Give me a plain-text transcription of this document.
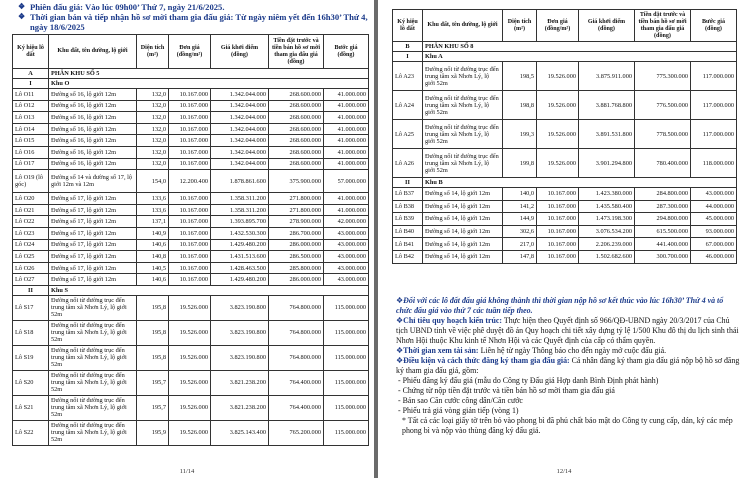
❖ Phiên đấu giá: Vào lúc 09h00’ Thứ 7, ngày 21/6/2025.
❖ Thời gian bán và tiếp nhận hồ sơ mời tham gia đấu giá: Từ ngày niêm yết đến 16h30’ Thứ 4, ngày 18/6/2025
Ký hiệu lô đất	Khu đất, tên đường, lộ giới	Diện tích (m²)	Đơn giá (đồng/m²)	Giá khởi điểm (đồng)	Tiền đặt trước và tiền bán hồ sơ mời tham gia đấu giá (đồng)	Bước giá (đồng)
A	PHÂN KHU SỐ 5					
I	Khu O					
Lô O11	Đường số 16, lộ giới 12m	132,0	10.167.000	1.342.044.000	268.600.000	41.000.000
Lô O12	Đường số 16, lộ giới 12m	132,0	10.167.000	1.342.044.000	268.600.000	41.000.000
Lô O13	Đường số 16, lộ giới 12m	132,0	10.167.000	1.342.044.000	268.600.000	41.000.000
Lô O14	Đường số 16, lộ giới 12m	132,0	10.167.000	1.342.044.000	268.600.000	41.000.000
Lô O15	Đường số 16, lộ giới 12m	132,0	10.167.000	1.342.044.000	268.600.000	41.000.000
Lô O16	Đường số 16, lộ giới 12m	132,0	10.167.000	1.342.044.000	268.600.000	41.000.000
Lô O17	Đường số 16, lộ giới 12m	132,0	10.167.000	1.342.044.000	268.600.000	41.000.000
Lô O19 (lô góc)	Đường số 14 và đường số 17, lộ giới 12m và 12m	154,0	12.200.400	1.878.861.600	375.900.000	57.000.000
Lô O20	Đường số 17, lộ giới 12m	133,6	10.167.000	1.358.311.200	271.800.000	41.000.000
Lô O21	Đường số 17, lộ giới 12m	133,6	10.167.000	1.358.311.200	271.800.000	41.000.000
Lô O22	Đường số 17, lộ giới 12m	137,1	10.167.000	1.393.895.700	278.900.000	42.000.000
Lô O23	Đường số 17, lộ giới 12m	140,9	10.167.000	1.432.530.300	286.700.000	43.000.000
Lô O24	Đường số 17, lộ giới 12m	140,6	10.167.000	1.429.480.200	286.000.000	43.000.000
Lô O25	Đường số 17, lộ giới 12m	140,8	10.167.000	1.431.513.600	286.500.000	43.000.000
Lô O26	Đường số 17, lộ giới 12m	140,5	10.167.000	1.428.463.500	285.800.000	43.000.000
Lô O27	Đường số 17, lộ giới 12m	140,6	10.167.000	1.429.480.200	286.000.000	43.000.000
II	Khu S					
Lô S17	Đường nối từ đường trục đến trung tâm xã Nhơn Lý, lộ giới 52m	195,8	19.526.000	3.823.190.800	764.800.000	115.000.000
Lô S18	Đường nối từ đường trục đến trung tâm xã Nhơn Lý, lộ giới 52m	195,8	19.526.000	3.823.190.800	764.800.000	115.000.000
Lô S19	Đường nối từ đường trục đến trung tâm xã Nhơn Lý, lộ giới 52m	195,8	19.526.000	3.823.190.800	764.800.000	115.000.000
Lô S20	Đường nối từ đường trục đến trung tâm xã Nhơn Lý, lộ giới 52m	195,7	19.526.000	3.821.238.200	764.400.000	115.000.000
Lô S21	Đường nối từ đường trục đến trung tâm xã Nhơn Lý, lộ giới 52m	195,7	19.526.000	3.821.238.200	764.400.000	115.000.000
Lô S22	Đường nối từ đường trục đến trung tâm xã Nhơn Lý, lộ giới 52m	195,9	19.526.000	3.825.143.400	765.200.000	115.000.000
11/14
Ký hiệu lô đất	Khu đất, tên đường, lộ giới	Diện tích (m²)	Đơn giá (đồng/m²)	Giá khởi điểm (đồng)	Tiền đặt trước và tiền bán hồ sơ mời tham gia đấu giá (đồng)	Bước giá (đồng)
B	PHÂN KHU SỐ 8					
I	Khu A					
Lô A23	Đường nối từ đường trục đến trung tâm xã Nhơn Lý, lộ giới 52m	198,5	19.526.000	3.875.911.000	775.300.000	117.000.000
Lô A24	Đường nối từ đường trục đến trung tâm xã Nhơn Lý, lộ giới 52m	198,8	19.526.000	3.881.768.800	776.500.000	117.000.000
Lô A25	Đường nối từ đường trục đến trung tâm xã Nhơn Lý, lộ giới 52m	199,3	19.526.000	3.891.531.800	778.500.000	117.000.000
Lô A26	Đường nối từ đường trục đến trung tâm xã Nhơn Lý, lộ giới 52m	199,8	19.526.000	3.901.294.800	780.400.000	118.000.000
II	Khu B					
Lô B37	Đường số 14, lộ giới 12m	140,0	10.167.000	1.423.380.000	284.800.000	43.000.000
Lô B38	Đường số 14, lộ giới 12m	141,2	10.167.000	1.435.580.400	287.300.000	44.000.000
Lô B39	Đường số 14, lộ giới 12m	144,9	10.167.000	1.473.198.300	294.800.000	45.000.000
Lô B40	Đường số 14, lộ giới 12m	302,6	10.167.000	3.076.534.200	615.500.000	93.000.000
Lô B41	Đường số 14, lộ giới 12m	217,0	10.167.000	2.206.239.000	441.400.000	67.000.000
Lô B42	Đường số 14, lộ giới 12m	147,8	10.167.000	1.502.682.600	300.700.000	46.000.000

❖Đối với các lô đất đấu giá không thành thì thời gian nộp hồ sơ kết thúc vào lúc 16h30’ Thứ 4 và tổ chức đấu giá vào thứ 7 các tuần tiếp theo.

❖Chỉ tiêu quy hoạch kiến trúc: Thực hiện theo Quyết định số 966/QĐ-UBND ngày 20/3/2017 của Chủ tịch UBND tỉnh về việc phê duyệt đồ án Quy hoạch chi tiết xây dựng tỷ lệ 1/500 Khu đô thị du lịch sinh thái Nhơn Hội thuộc Khu kinh tế Nhơn Hội và các Quyết định của cấp có thẩm quyền.

❖Thời gian xem tài sản: Liên hệ từ ngày Thông báo cho đến ngày mở cuộc đấu giá.

❖Điều kiện và cách thức đăng ký tham gia đấu giá: Cá nhân đăng ký tham gia đấu giá nộp bộ hồ sơ đăng ký tham gia đấu giá, gồm:

- Phiếu đăng ký đấu giá (mẫu do Công ty Đấu giá Hợp danh Bình Định phát hành)

- Chứng từ nộp tiền đặt trước và tiền bán hồ sơ mời tham gia đấu giá

- Bản sao Căn cước công dân/Căn cước

- Phiếu trả giá vòng giản tiếp (vòng 1)

* Tất cả các loại giấy tờ trên bỏ vào phong bì đã phủ chất bảo mật do Công ty cung cấp, dán, ký các mép phong bì và nộp vào thùng đăng ký đấu giá.

12/14
